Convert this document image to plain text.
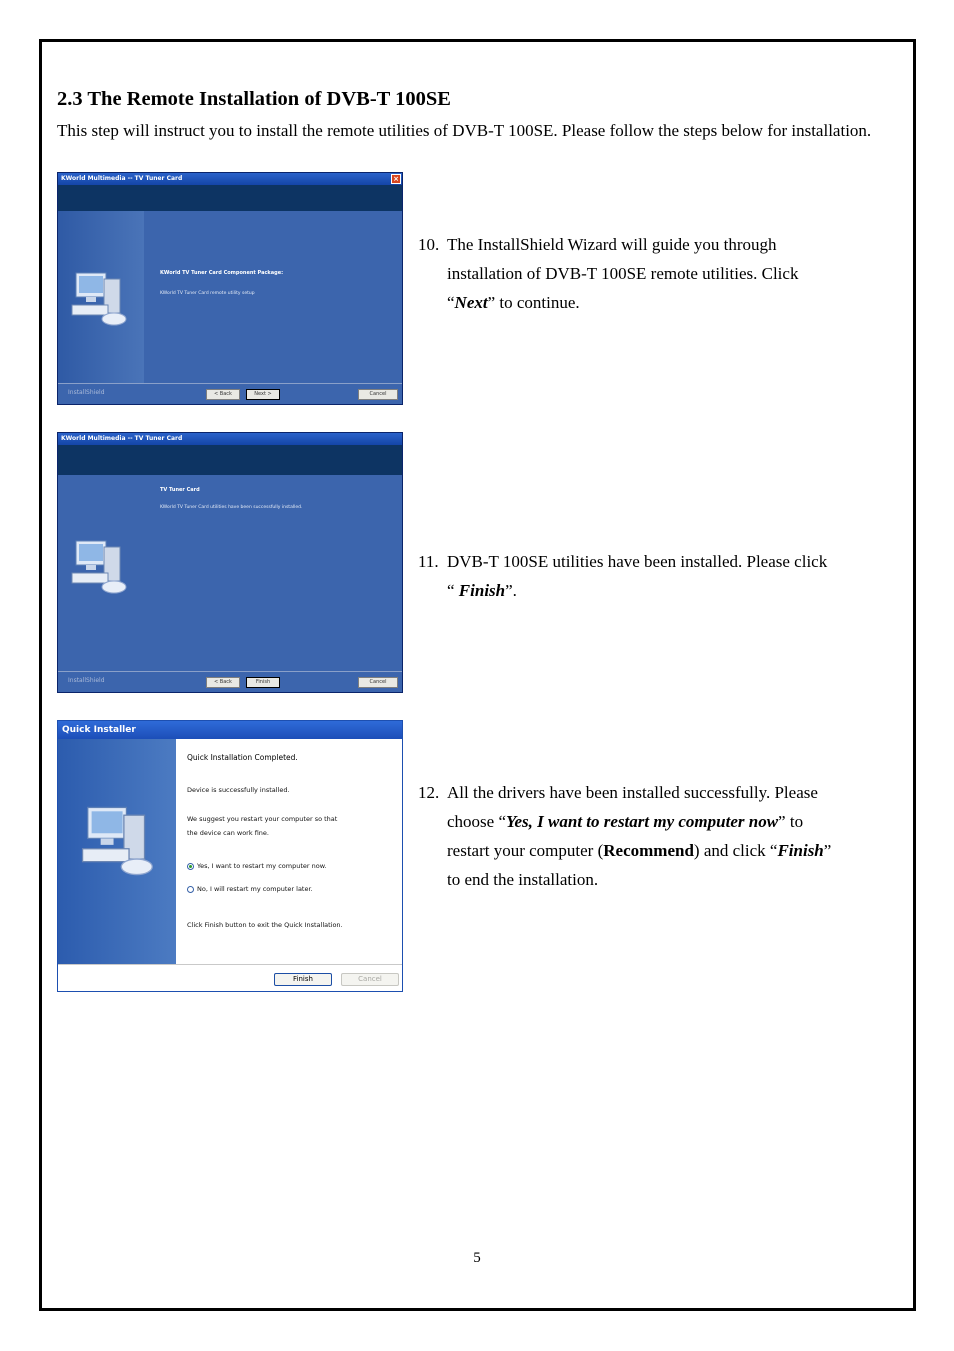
2.3 The Remote Installation of DVB-T 100SE
This step will instruct you to install the remote utilities of DVB-T 100SE. Please follow the steps below for installation.
KWorld Multimedia -- TV Tuner Card	×
KWorld TV Tuner Card Component Package:
KWorld TV Tuner Card remote utility setup
InstallShield	< Back	Next >	Cancel
10. The InstallShield Wizard will guide you through
installation of DVB-T 100SE remote utilities. Click
“Next” to continue.
KWorld Multimedia -- TV Tuner Card
TV Tuner Card
KWorld TV Tuner Card utilities have been successfully installed.
InstallShield	< Back	Finish	Cancel
11. DVB-T 100SE utilities have been installed. Please click
“ Finish”.
Quick Installer
Quick Installation Completed.
Device is successfully installed.
We suggest you restart your computer so that
the device can work fine.
Yes, I want to restart my computer now.
No, I will restart my computer later.
Click Finish button to exit the Quick Installation.
Finish	Cancel
12. All the drivers have been installed successfully. Please
choose “Yes, I want to restart my computer now” to
restart your computer (Recommend) and click “Finish”
to end the installation.
5
